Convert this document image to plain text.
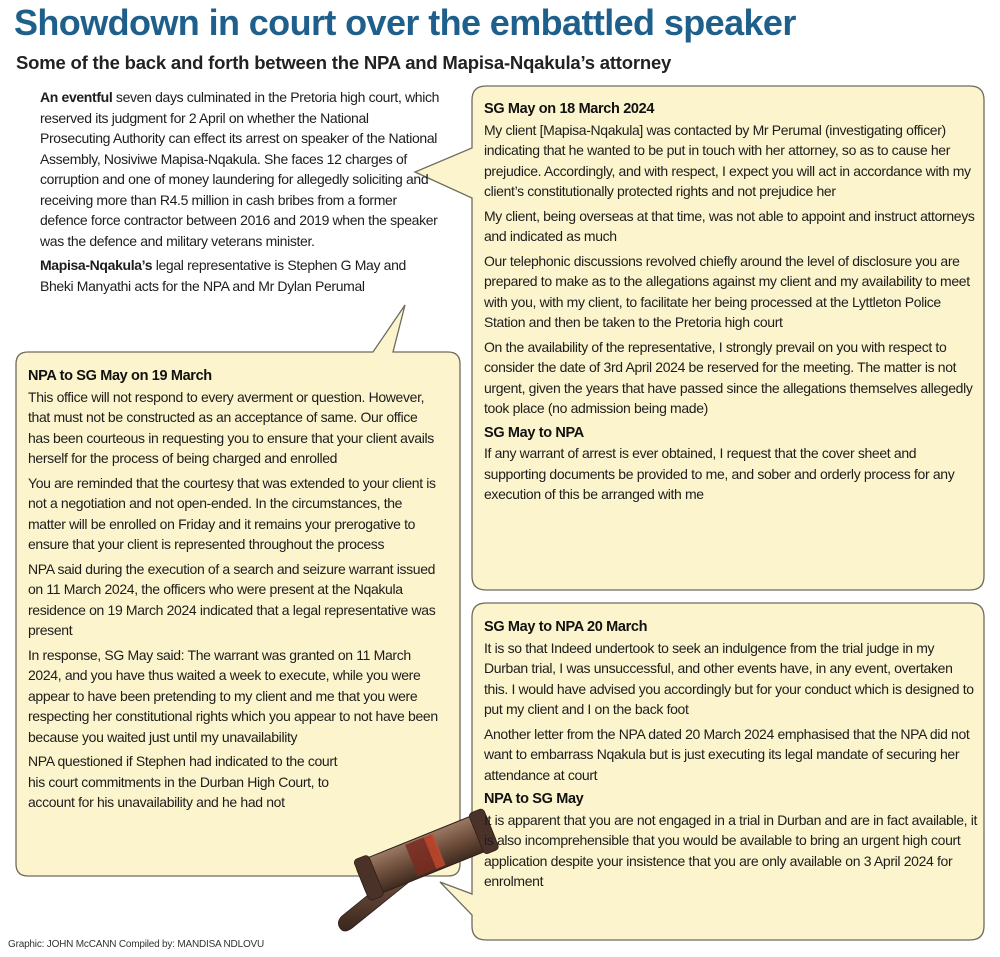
Showdown in court over the embattled speaker
Some of the back and forth between the NPA and Mapisa-Nqakula’s attorney

An eventful seven days culminated in the Pretoria high court, which reserved its judgment for 2 April on whether the National Prosecuting Authority can effect its arrest on speaker of the National Assembly, Nosiviwe Mapisa-Nqakula. She faces 12 charges of corruption and one of money laundering for allegedly soliciting and receiving more than R4.5 million in cash bribes from a former defence force contractor between 2016 and 2019 when the speaker was the defence and military veterans minister.

Mapisa-Nqakula’s legal representative is Stephen G May and Bheki Manyathi acts for the NPA and Mr Dylan Perumal

SG May on 18 March 2024

My client [Mapisa-Nqakula] was contacted by Mr Perumal (investigating officer) indicating that he wanted to be put in touch with her attorney, so as to cause her prejudice. Accordingly, and with respect, I expect you will act in accordance with my client’s constitutionally protected rights and not prejudice her

My client, being overseas at that time, was not able to appoint and instruct attorneys and indicated as much

Our telephonic discussions revolved chiefly around the level of disclosure you are prepared to make as to the allegations against my client and my availability to meet with you, with my client, to facilitate her being processed at the Lyttleton Police Station and then be taken to the Pretoria high court

On the availability of the representative, I strongly prevail on you with respect to consider the date of 3rd April 2024 be reserved for the meeting. The matter is not urgent, given the years that have passed since the allegations themselves allegedly took place (no admission being made)

SG May to NPA

If any warrant of arrest is ever obtained, I request that the cover sheet and supporting documents be provided to me, and sober and orderly process for any execution of this be arranged with me

NPA to SG May on 19 March

This office will not respond to every averment or question. However, that must not be constructed as an acceptance of same. Our office has been courteous in requesting you to ensure that your client avails herself for the process of being charged and enrolled

You are reminded that the courtesy that was extended to your client is not a negotiation and not open-ended. In the circumstances, the matter will be enrolled on Friday and it remains your prerogative to ensure that your client is represented throughout the process

NPA said during the execution of a search and seizure warrant issued on 11 March 2024, the officers who were present at the Nqakula residence on 19 March 2024 indicated that a legal representative was present

In response, SG May said: The warrant was granted on 11 March 2024, and you have thus waited a week to execute, while you were appear to have been pretending to my client and me that you were respecting her constitutional rights which you appear to not have been because you waited just until my unavailability

NPA questioned if Stephen had indicated to the court his court commitments in the Durban High Court, to account for his unavailability and he had not

SG May to NPA 20 March

It is so that Indeed undertook to seek an indulgence from the trial judge in my Durban trial, I was unsuccessful, and other events have, in any event, overtaken this. I would have advised you accordingly but for your conduct which is designed to put my client and I on the back foot

Another letter from the NPA dated 20 March 2024 emphasised that the NPA did not want to embarrass Nqakula but is just executing its legal mandate of securing her attendance at court

NPA to SG May

It is apparent that you are not engaged in a trial in Durban and are in fact available, it is also incomprehensible that you would be available to bring an urgent high court application despite your insistence that you are only available on 3 April 2024 for enrolment

Graphic: JOHN McCANN Compiled by: MANDISA NDLOVU
